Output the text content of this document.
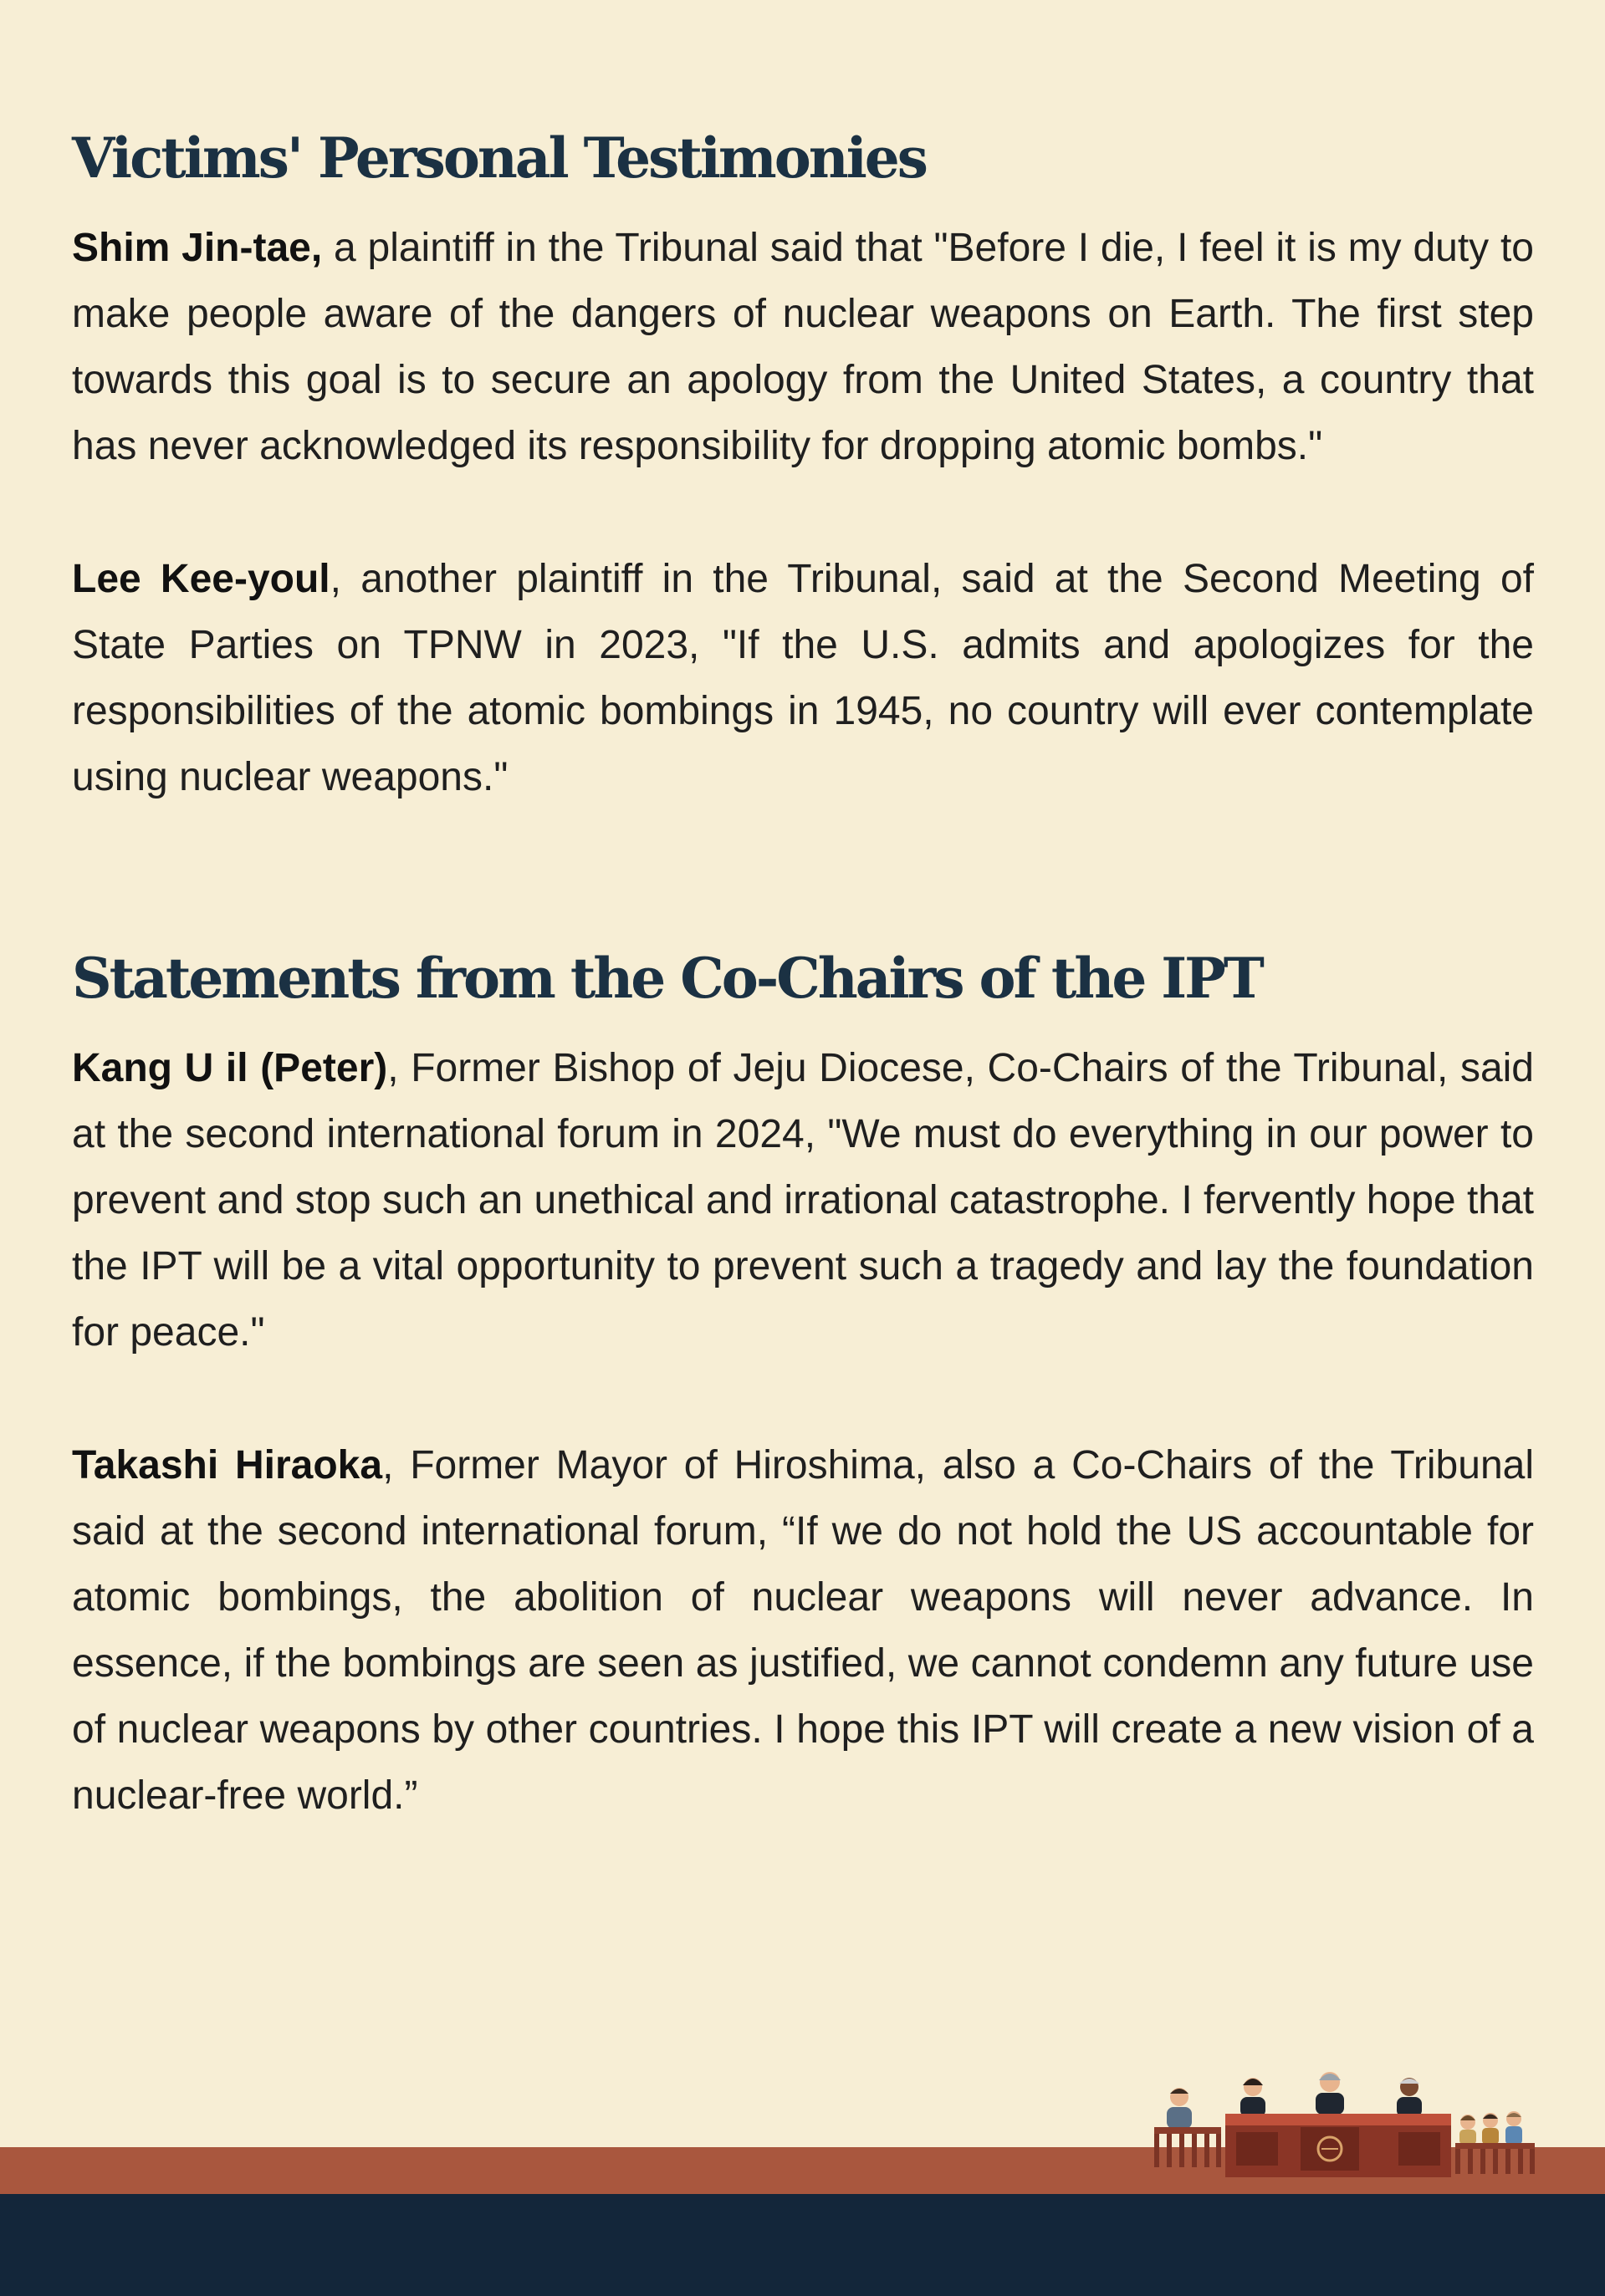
Victims' Personal Testimonies

Shim Jin-tae, a plaintiff in the Tribunal said that "Before I die, I feel it is my duty to make people aware of the dangers of nuclear weapons on Earth. The first step towards this goal is to secure an apology from the United States, a country that has never acknowledged its responsibility for dropping atomic bombs."

Lee Kee-youl, another plaintiff in the Tribunal, said at the Second Meeting of State Parties on TPNW in 2023, "If the U.S. admits and apologizes for the responsibilities of the atomic bombings in 1945, no country will ever contemplate using nuclear weapons."

Statements from the Co-Chairs of the IPT

Kang U il (Peter), Former Bishop of Jeju Diocese, Co-Chairs of the Tribunal, said at the second international forum in 2024, "We must do everything in our power to prevent and stop such an unethical and irrational catastrophe. I fervently hope that the IPT will be a vital opportunity to prevent such a tragedy and lay the foundation for peace."

Takashi Hiraoka, Former Mayor of Hiroshima, also a Co-Chairs of the Tribunal said at the second international forum, “If we do not hold the US accountable for atomic bombings, the abolition of nuclear weapons will never advance. In essence, if the bombings are seen as justified, we cannot condemn any future use of nuclear weapons by other countries. I hope this IPT will create a new vision of a nuclear-free world.”
